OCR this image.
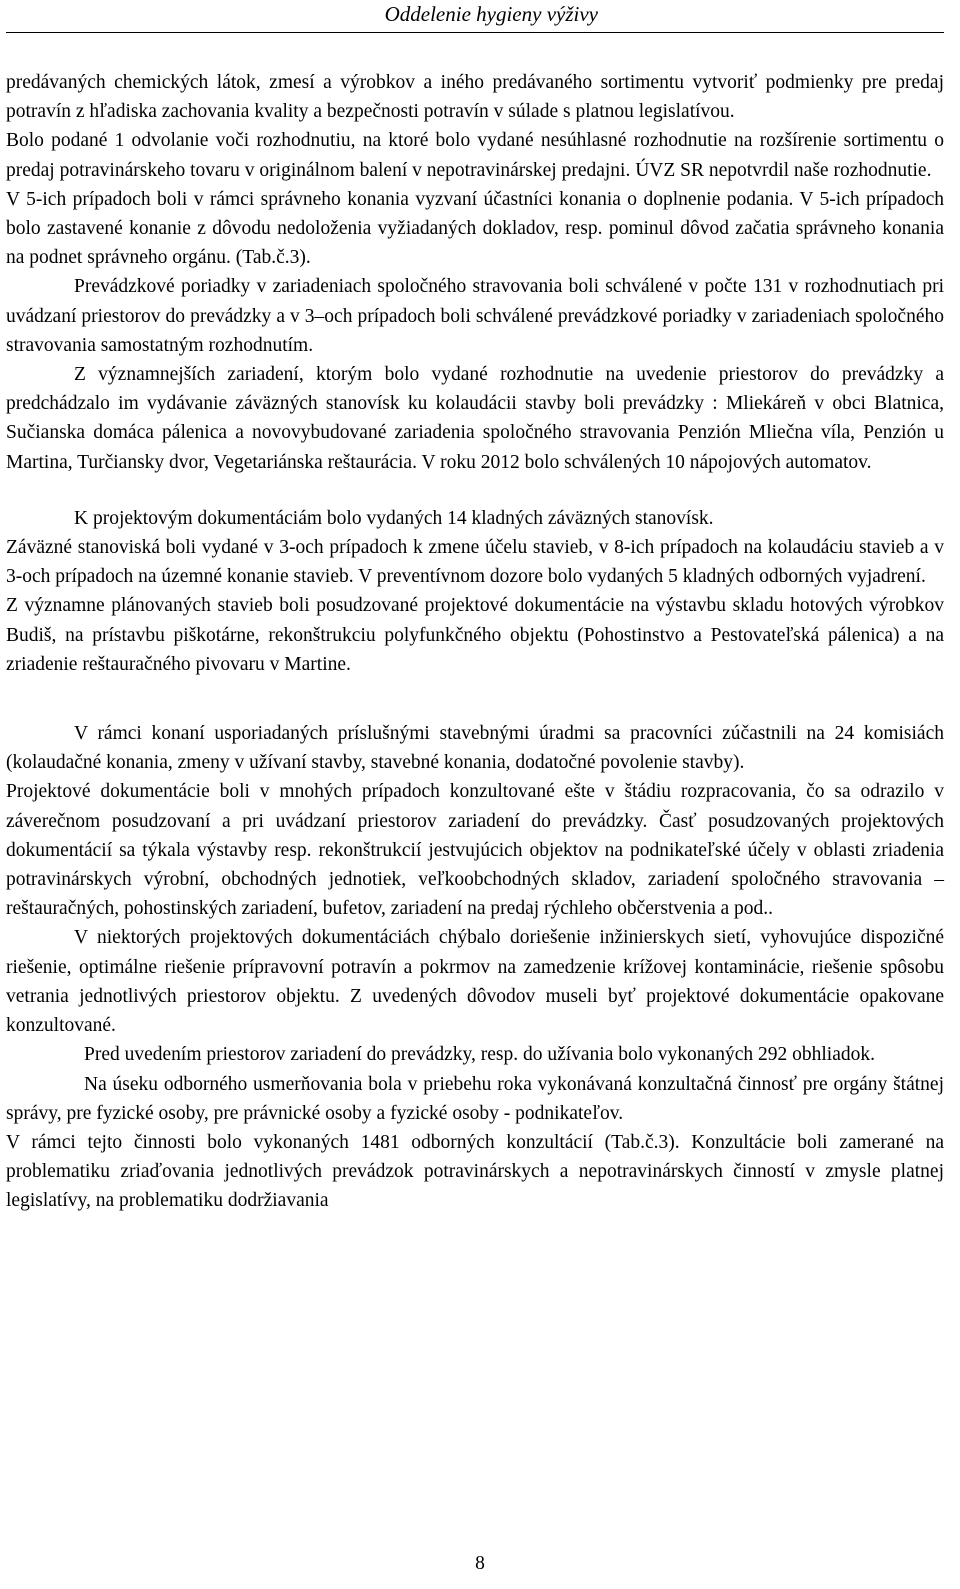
Oddelenie hygieny výživy

predávaných chemických látok, zmesí a výrobkov a iného predávaného sortimentu vytvoriť podmienky pre predaj potravín z hľadiska zachovania kvality a bezpečnosti potravín v súlade s platnou legislatívou.

Bolo podané 1 odvolanie voči rozhodnutiu, na ktoré bolo vydané nesúhlasné rozhodnutie na rozšírenie sortimentu o predaj potravinárskeho tovaru v originálnom balení v nepotravinárskej predajni. ÚVZ SR nepotvrdil naše rozhodnutie.

V 5-ich prípadoch boli v rámci správneho konania vyzvaní účastníci konania o doplnenie podania. V 5-ich prípadoch bolo zastavené konanie z dôvodu nedoloženia vyžiadaných dokladov, resp. pominul dôvod začatia správneho konania na podnet správneho orgánu. (Tab.č.3).

Prevádzkové poriadky v zariadeniach spoločného stravovania boli schválené v počte 131 v rozhodnutiach pri uvádzaní priestorov do prevádzky a v 3–och prípadoch boli schválené prevádzkové poriadky v zariadeniach spoločného stravovania samostatným rozhodnutím.

Z významnejších zariadení, ktorým bolo vydané rozhodnutie na uvedenie priestorov do prevádzky a predchádzalo im vydávanie záväzných stanovísk ku kolaudácii stavby boli prevádzky : Mliekáreň v obci Blatnica, Sučianska domáca pálenica a novovybudované zariadenia spoločného stravovania Penzión Mliečna víla, Penzión u Martina, Turčiansky dvor, Vegetariánska reštaurácia. V roku 2012 bolo schválených 10 nápojových automatov.

K projektovým dokumentáciám bolo vydaných 14 kladných záväzných stanovísk.

Záväzné stanoviská boli vydané v 3-och prípadoch k zmene účelu stavieb, v 8-ich prípadoch na kolaudáciu stavieb a v 3-och prípadoch na územné konanie stavieb. V preventívnom dozore bolo vydaných 5 kladných odborných vyjadrení.

Z významne plánovaných stavieb boli posudzované projektové dokumentácie na výstavbu skladu hotových výrobkov Budiš, na prístavbu piškotárne, rekonštrukciu polyfunkčného objektu (Pohostinstvo a Pestovateľská pálenica) a na zriadenie reštauračného pivovaru v Martine.

V rámci konaní usporiadaných príslušnými stavebnými úradmi sa pracovníci zúčastnili na 24 komisiách (kolaudačné konania, zmeny v užívaní stavby, stavebné konania, dodatočné povolenie stavby).

Projektové dokumentácie boli v mnohých prípadoch konzultované ešte v štádiu rozpracovania, čo sa odrazilo v záverečnom posudzovaní a pri uvádzaní priestorov zariadení do prevádzky. Časť posudzovaných projektových dokumentácií sa týkala výstavby resp. rekonštrukcií jestvujúcich objektov na podnikateľské účely v oblasti zriadenia potravinárskych výrobní, obchodných jednotiek, veľkoobchodných skladov, zariadení spoločného stravovania – reštauračných, pohostinských zariadení, bufetov, zariadení na predaj rýchleho občerstvenia a pod..

V niektorých projektových dokumentáciách chýbalo doriešenie inžinierskych sietí, vyhovujúce dispozičné riešenie, optimálne riešenie prípravovní potravín a pokrmov na zamedzenie krížovej kontaminácie, riešenie spôsobu vetrania jednotlivých priestorov objektu. Z uvedených dôvodov museli byť projektové dokumentácie opakovane konzultované.

Pred uvedením priestorov zariadení do prevádzky, resp. do užívania bolo vykonaných 292 obhliadok.

Na úseku odborného usmerňovania bola v priebehu roka vykonávaná konzultačná činnosť pre orgány štátnej správy, pre fyzické osoby, pre právnické osoby a fyzické osoby - podnikateľov.

V rámci tejto činnosti bolo vykonaných 1481 odborných konzultácií (Tab.č.3). Konzultácie boli zamerané na problematiku zriaďovania jednotlivých prevádzok potravinárskych a nepotravinárskych činností v zmysle platnej legislatívy, na problematiku dodržiavania

8
